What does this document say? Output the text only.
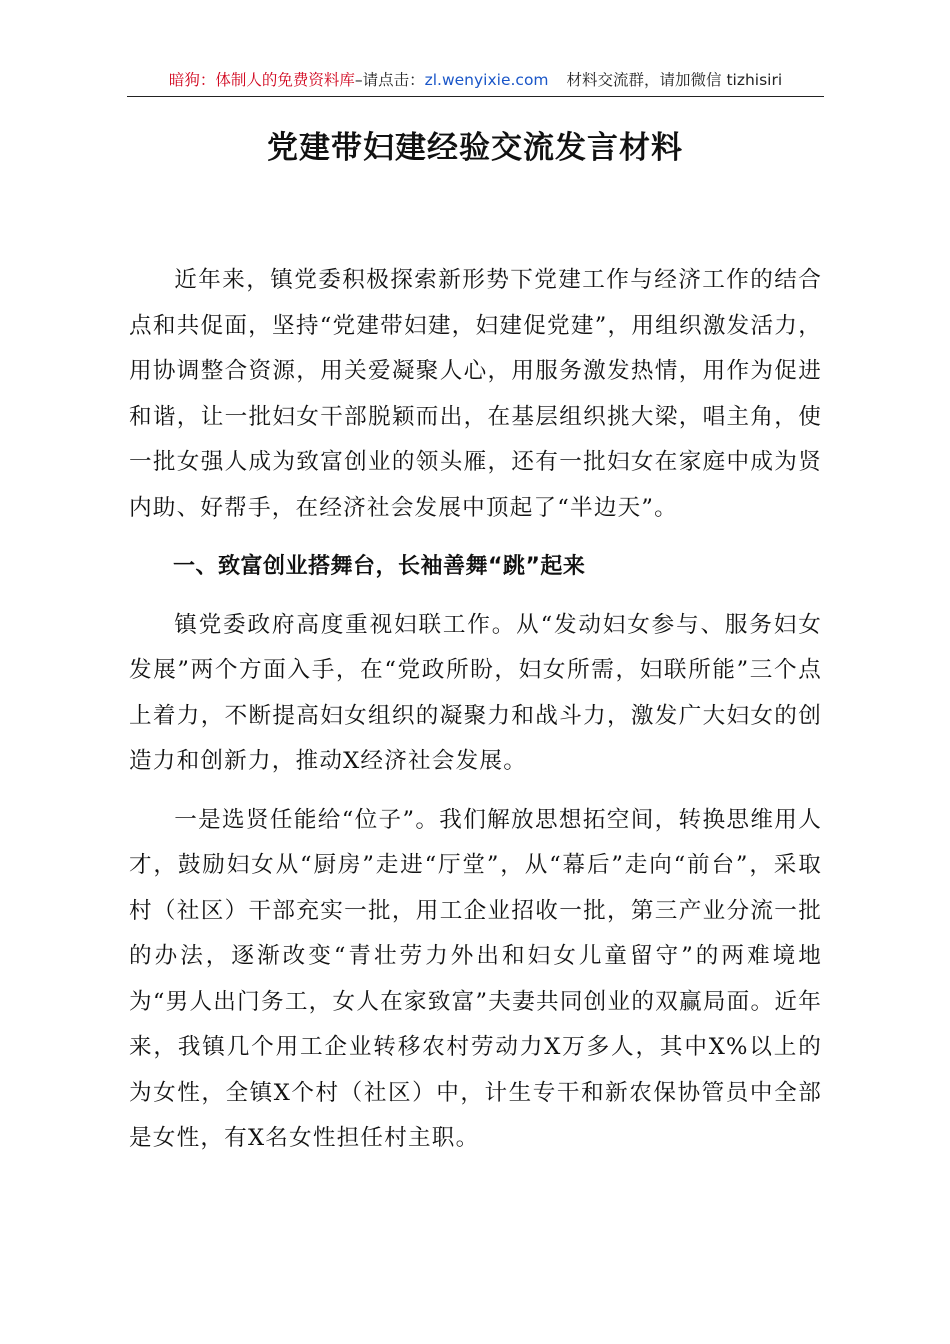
暗狗：体制人的免费资料库–请点击：zl.wenyixie.com 材料交流群，请加微信 tizhisiri
党建带妇建经验交流发言材料

近年来，镇党委积极探索新形势下党建工作与经济工作的结合点和共促面，坚持“党建带妇建，妇建促党建”，用组织激发活力，用协调整合资源，用关爱凝聚人心，用服务激发热情，用作为促进和谐，让一批妇女干部脱颖而出，在基层组织挑大梁，唱主角，使一批女强人成为致富创业的领头雁，还有一批妇女在家庭中成为贤内助、好帮手，在经济社会发展中顶起了“半边天”。

一、致富创业搭舞台，长袖善舞“跳”起来

镇党委政府高度重视妇联工作。从“发动妇女参与、服务妇女发展”两个方面入手，在“党政所盼，妇女所需，妇联所能”三个点上着力，不断提高妇女组织的凝聚力和战斗力，激发广大妇女的创造力和创新力，推动X经济社会发展。

一是选贤任能给“位子”。我们解放思想拓空间，转换思维用人才，鼓励妇女从“厨房”走进“厅堂”，从“幕后”走向“前台”，采取村（社区）干部充实一批，用工企业招收一批，第三产业分流一批的办法，逐渐改变“青壮劳力外出和妇女儿童留守”的两难境地为“男人出门务工，女人在家致富”夫妻共同创业的双赢局面。近年来，我镇几个用工企业转移农村劳动力X万多人，其中X%以上的为女性，全镇X个村（社区）中，计生专干和新农保协管员中全部是女性，有X名女性担任村主职。
